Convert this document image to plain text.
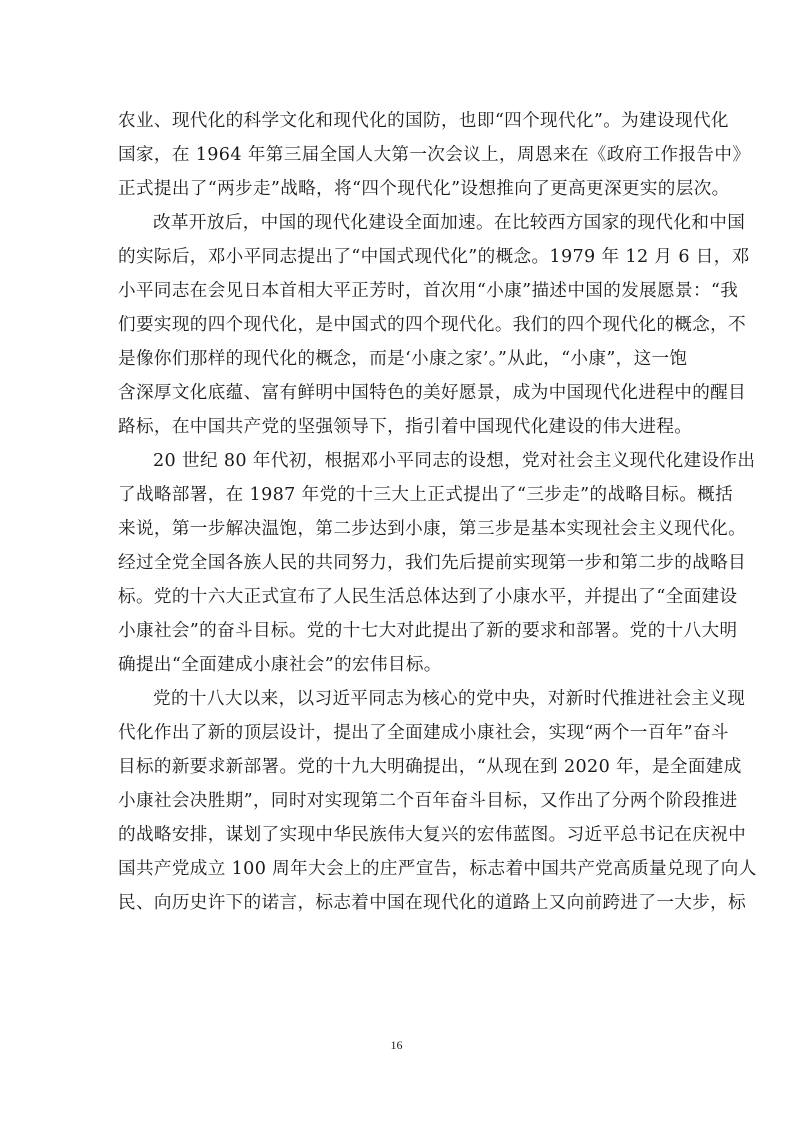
农业、现代化的科学文化和现代化的国防，也即“四个现代化”。为建设现代化
国家，在 1964 年第三届全国人大第一次会议上，周恩来在《政府工作报告中》
正式提出了“两步走”战略，将“四个现代化”设想推向了更高更深更实的层次。
改革开放后，中国的现代化建设全面加速。在比较西方国家的现代化和中国
的实际后，邓小平同志提出了“中国式现代化”的概念。1979 年 12 月 6 日，邓
小平同志在会见日本首相大平正芳时，首次用“小康”描述中国的发展愿景：“我
们要实现的四个现代化，是中国式的四个现代化。我们的四个现代化的概念，不
是像你们那样的现代化的概念，而是‘小康之家’。”从此，“小康”，这一饱
含深厚文化底蕴、富有鲜明中国特色的美好愿景，成为中国现代化进程中的醒目
路标，在中国共产党的坚强领导下，指引着中国现代化建设的伟大进程。
20 世纪 80 年代初，根据邓小平同志的设想，党对社会主义现代化建设作出
了战略部署，在 1987 年党的十三大上正式提出了“三步走”的战略目标。概括
来说，第一步解决温饱，第二步达到小康，第三步是基本实现社会主义现代化。
经过全党全国各族人民的共同努力，我们先后提前实现第一步和第二步的战略目
标。党的十六大正式宣布了人民生活总体达到了小康水平，并提出了“全面建设
小康社会”的奋斗目标。党的十七大对此提出了新的要求和部署。党的十八大明
确提出“全面建成小康社会”的宏伟目标。
党的十八大以来，以习近平同志为核心的党中央，对新时代推进社会主义现
代化作出了新的顶层设计，提出了全面建成小康社会，实现“两个一百年”奋斗
目标的新要求新部署。党的十九大明确提出，“从现在到 2020 年，是全面建成
小康社会决胜期”，同时对实现第二个百年奋斗目标，又作出了分两个阶段推进
的战略安排，谋划了实现中华民族伟大复兴的宏伟蓝图。习近平总书记在庆祝中
国共产党成立 100 周年大会上的庄严宣告，标志着中国共产党高质量兑现了向人
民、向历史许下的诺言，标志着中国在现代化的道路上又向前跨进了一大步，标
16
